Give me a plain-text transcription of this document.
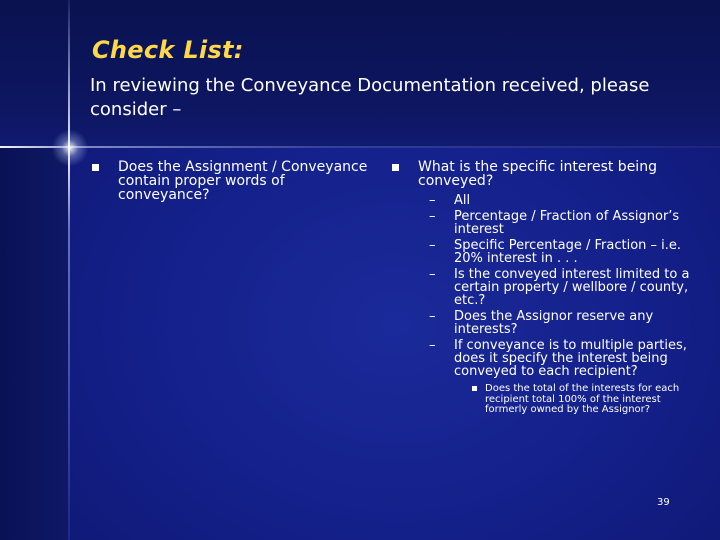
Check List:

In reviewing the Conveyance Documentation received, please consider –

Does the Assignment / Conveyance contain proper words of conveyance?
What is the specific interest being conveyed?
– All
– Percentage / Fraction of Assignor’s interest
– Specific Percentage / Fraction – i.e. 20% interest in . . .
– Is the conveyed interest limited to a certain property / wellbore / county, etc.?
– Does the Assignor reserve any interests?
– If conveyance is to multiple parties, does it specify the interest being conveyed to each recipient?
Does the total of the interests for each recipient total 100% of the interest formerly owned by the Assignor?
39
